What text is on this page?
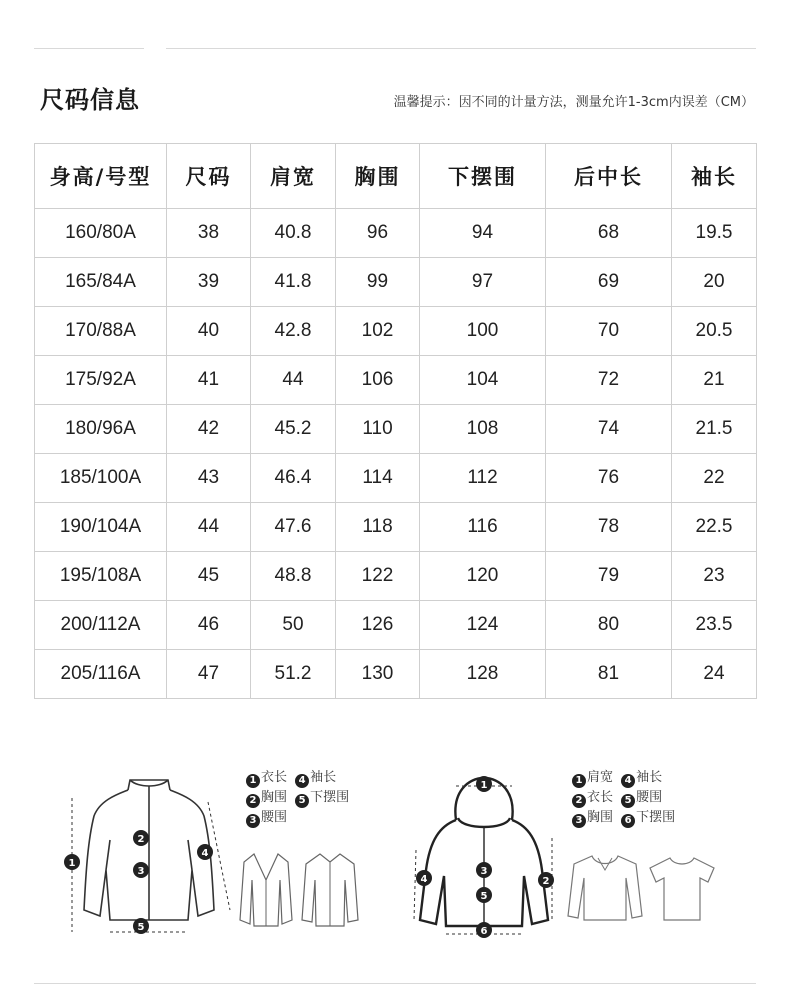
尺码信息	温馨提示：因不同的计量方法，测量允许1-3cm内误差（CM）
身高/号型	尺码	肩宽	胸围	下摆围	后中长	袖长
160/80A	38	40.8	96	94	68	19.5
165/84A	39	41.8	99	97	69	20
170/88A	40	42.8	102	100	70	20.5
175/92A	41	44	106	104	72	21
180/96A	42	45.2	110	108	74	21.5
185/100A	43	46.4	114	112	76	22
190/104A	44	47.6	118	116	78	22.5
195/108A	45	48.8	122	120	79	23
200/112A	46	50	126	124	80	23.5
205/116A	47	51.2	130	128	81	24
1
2
3
4
5
1 衣长 4 袖长
2 胸围 5 下摆围
3 腰围
1
2
3
4
5
6
1 肩宽 4 袖长
2 衣长 5 腰围
3 胸围 6 下摆围
